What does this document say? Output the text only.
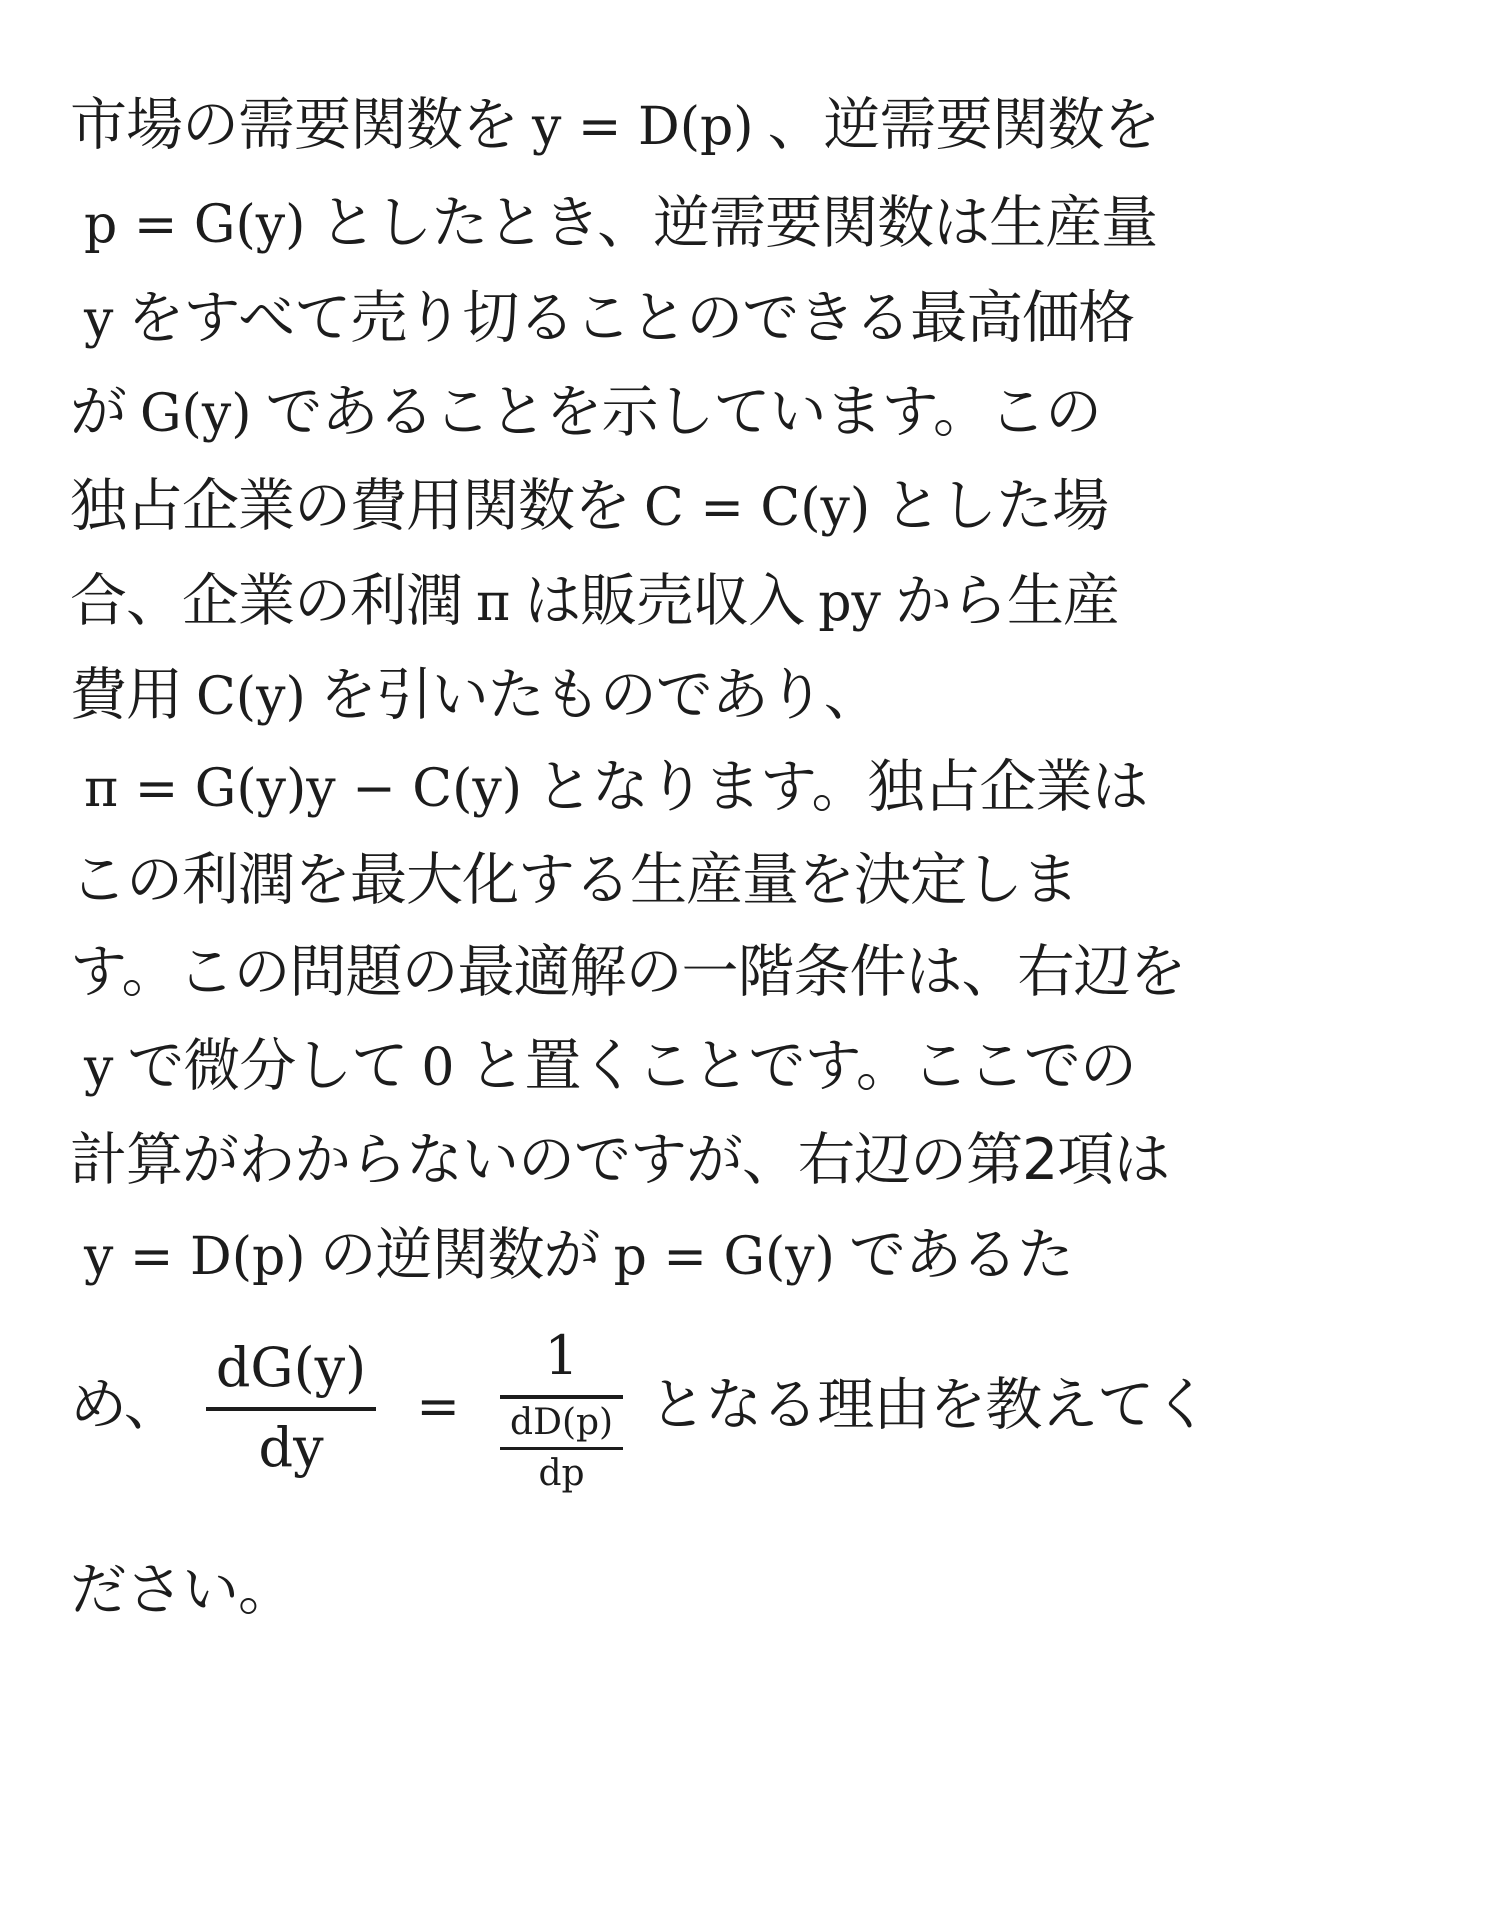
市場の需要関数を y = D(p) 、逆需要関数を
p = G(y) としたとき、逆需要関数は生産量
y をすべて売り切ることのできる最高価格
が G(y) であることを示しています。この
独占企業の費用関数を C = C(y) とした場
合、企業の利潤 π は販売収入 py から生産
費用 C(y) を引いたものであり、
π = G(y)y − C(y) となります。独占企業は
この利潤を最大化する生産量を決定しま
す。この問題の最適解の一階条件は、右辺を
y で微分して 0 と置くことです。ここでの
計算がわからないのですが、右辺の第2項は
y = D(p) の逆関数が p = G(y) であるた
め、 $\frac{dG(y)}{dy} = \frac{1}{\frac{dD(p)}{dp}}$ となる理由を教えてく
ださい。
